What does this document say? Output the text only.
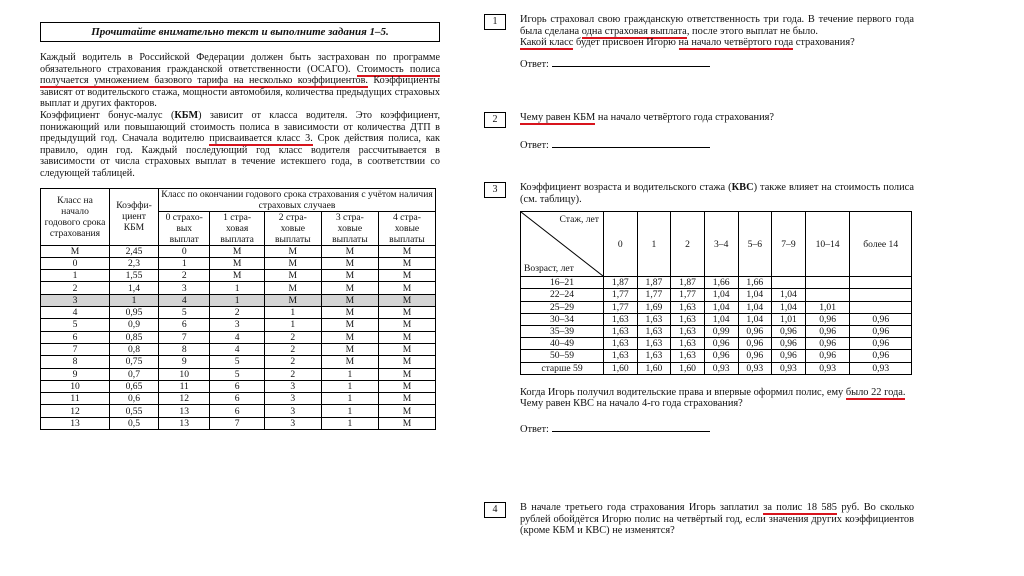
Прочитайте внимательно текст и выполните задания 1–5.

Каждый водитель в Российской Федерации должен быть застрахован по программе обязательного страхования гражданской ответственности (ОСАГО). Стоимость полиса получается умножением базового тарифа на несколько коэффициентов. Коэффициенты зависят от водительского стажа, мощности автомобиля, количества предыдущих страховых выплат и других факторов.

Коэффициент бонус-малус (КБМ) зависит от класса водителя. Это коэффициент, понижающий или повышающий стоимость полиса в зависимости от количества ДТП в предыдущий год. Сначала водителю присваивается класс 3. Срок действия полиса, как правило, один год. Каждый последующий год класс водителя рассчитывается в зависимости от числа страховых выплат в течение истекшего года, в соответствии со следующей таблицей.

Класс на начало годового срока страхования	Коэффи-циент КБМ	Класс по окончании годового срока страхования с учётом наличия страховых случаев				
		0 страхо-вых выплат	1 стра-ховая выплата	2 стра-ховые выплаты	3 стра-ховые выплаты	4 стра-ховые выплаты
М	2,45	0	М	М	М	М
0	2,3	1	М	М	М	М
1	1,55	2	М	М	М	М
2	1,4	3	1	М	М	М
3	1	4	1	М	М	М
4	0,95	5	2	1	М	М
5	0,9	6	3	1	М	М
6	0,85	7	4	2	М	М
7	0,8	8	4	2	М	М
8	0,75	9	5	2	М	М
9	0,7	10	5	2	1	М
10	0,65	11	6	3	1	М
11	0,6	12	6	3	1	М
12	0,55	13	6	3	1	М
13	0,5	13	7	3	1	М
1	Игорь страховал свою гражданскую ответственность три года. В течение первого года была сделана одна страховая выплата, после этого выплат не было.
Какой класс будет присвоен Игорю на начало четвёртого года страхования?
Ответ:
2	Чему равен КБМ на начало четвёртого года страхования?
Ответ:
3	Коэффициент возраста и водительского стажа (КВС) также влияет на стоимость полиса (см. таблицу).
Стаж, лет
Возраст, лет	0	1	2	3–4	5–6	7–9	10–14	более 14
16–21	1,87	1,87	1,87	1,66	1,66			
22–24	1,77	1,77	1,77	1,04	1,04	1,04		
25–29	1,77	1,69	1,63	1,04	1,04	1,04	1,01	
30–34	1,63	1,63	1,63	1,04	1,04	1,01	0,96	0,96
35–39	1,63	1,63	1,63	0,99	0,96	0,96	0,96	0,96
40–49	1,63	1,63	1,63	0,96	0,96	0,96	0,96	0,96
50–59	1,63	1,63	1,63	0,96	0,96	0,96	0,96	0,96
старше 59	1,60	1,60	1,60	0,93	0,93	0,93	0,93	0,93
Когда Игорь получил водительские права и впервые оформил полис, ему было 22 года.
Чему равен КВС на начало 4-го года страхования?
Ответ:
4	В начале третьего года страхования Игорь заплатил за полис 18 585 руб. Во сколько рублей обойдётся Игорю полис на четвёртый год, если значения других коэффициентов (кроме КБМ и КВС) не изменятся?
